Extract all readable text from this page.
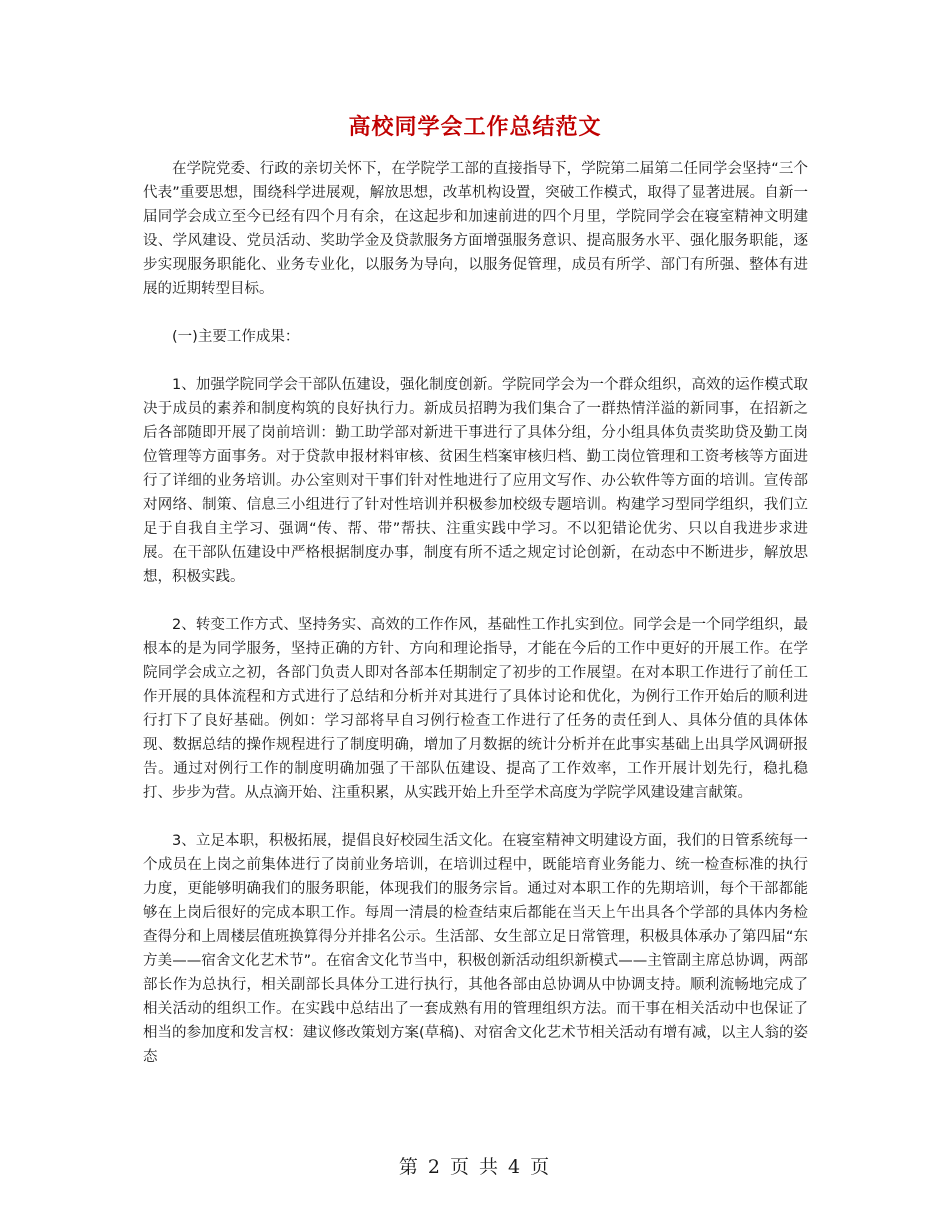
高校同学会工作总结范文

在学院党委、行政的亲切关怀下，在学院学工部的直接指导下，学院第二届第二任同学会坚持“三个代表”重要思想，围绕科学进展观，解放思想，改革机构设置，突破工作模式，取得了显著进展。自新一届同学会成立至今已经有四个月有余，在这起步和加速前进的四个月里，学院同学会在寝室精神文明建设、学风建设、党员活动、奖助学金及贷款服务方面增强服务意识、提高服务水平、强化服务职能，逐步实现服务职能化、业务专业化，以服务为导向，以服务促管理，成员有所学、部门有所强、整体有进展的近期转型目标。

(一)主要工作成果：

1、加强学院同学会干部队伍建设，强化制度创新。学院同学会为一个群众组织，高效的运作模式取决于成员的素养和制度构筑的良好执行力。新成员招聘为我们集合了一群热情洋溢的新同事，在招新之后各部随即开展了岗前培训：勤工助学部对新进干事进行了具体分组，分小组具体负责奖助贷及勤工岗位管理等方面事务。对于贷款申报材料审核、贫困生档案审核归档、勤工岗位管理和工资考核等方面进行了详细的业务培训。办公室则对干事们针对性地进行了应用文写作、办公软件等方面的培训。宣传部对网络、制策、信息三小组进行了针对性培训并积极参加校级专题培训。构建学习型同学组织，我们立足于自我自主学习、强调“传、帮、带”帮扶、注重实践中学习。不以犯错论优劣、只以自我进步求进展。在干部队伍建设中严格根据制度办事，制度有所不适之规定讨论创新，在动态中不断进步，解放思想，积极实践。

2、转变工作方式、坚持务实、高效的工作作风，基础性工作扎实到位。同学会是一个同学组织，最根本的是为同学服务，坚持正确的方针、方向和理论指导，才能在今后的工作中更好的开展工作。在学院同学会成立之初，各部门负责人即对各部本任期制定了初步的工作展望。在对本职工作进行了前任工作开展的具体流程和方式进行了总结和分析并对其进行了具体讨论和优化，为例行工作开始后的顺利进行打下了良好基础。例如：学习部将早自习例行检查工作进行了任务的责任到人、具体分值的具体体现、数据总结的操作规程进行了制度明确，增加了月数据的统计分析并在此事实基础上出具学风调研报告。通过对例行工作的制度明确加强了干部队伍建设、提高了工作效率，工作开展计划先行，稳扎稳打、步步为营。从点滴开始、注重积累，从实践开始上升至学术高度为学院学风建设建言献策。

3、立足本职，积极拓展，提倡良好校园生活文化。在寝室精神文明建设方面，我们的日管系统每一个成员在上岗之前集体进行了岗前业务培训，在培训过程中，既能培育业务能力、统一检查标准的执行力度，更能够明确我们的服务职能，体现我们的服务宗旨。通过对本职工作的先期培训，每个干部都能够在上岗后很好的完成本职工作。每周一清晨的检查结束后都能在当天上午出具各个学部的具体内务检查得分和上周楼层值班换算得分并排名公示。生活部、女生部立足日常管理，积极具体承办了第四届“东方美——宿舍文化艺术节”。在宿舍文化节当中，积极创新活动组织新模式——主管副主席总协调，两部部长作为总执行，相关副部长具体分工进行执行，其他各部由总协调从中协调支持。顺利流畅地完成了相关活动的组织工作。在实践中总结出了一套成熟有用的管理组织方法。而干事在相关活动中也保证了相当的参加度和发言权：建议修改策划方案(草稿)、对宿舍文化艺术节相关活动有增有减，以主人翁的姿态

第 2 页 共 4 页
